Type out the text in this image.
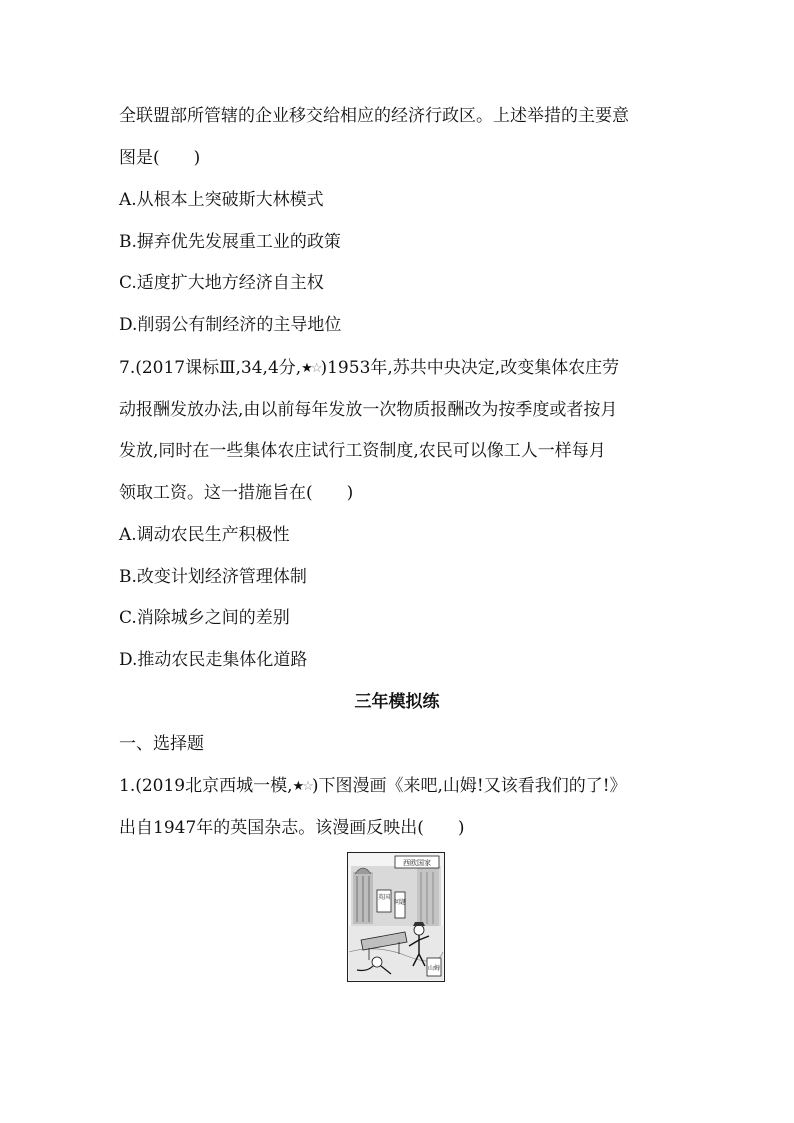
全联盟部所管辖的企业移交给相应的经济行政区。上述举措的主要意
图是(　　)
A.从根本上突破斯大林模式
B.摒弃优先发展重工业的政策
C.适度扩大地方经济自主权
D.削弱公有制经济的主导地位
7.(2017课标Ⅲ,34,4分,★☆)1953年,苏共中央决定,改变集体农庄劳
动报酬发放办法,由以前每年发放一次物质报酬改为按季度或者按月
发放,同时在一些集体农庄试行工资制度,农民可以像工人一样每月
领取工资。这一措施旨在(　　)
A.调动农民生产积极性
B.改变计划经济管理体制
C.消除城乡之间的差别
D.推动农民走集体化道路
三年模拟练
一、选择题
1.(2019北京西城一模,★☆)下图漫画《来吧,山姆!又该看我们的了!》
出自1947年的英国杂志。该漫画反映出(　　)
西欧国家
英国
问题
山姆
